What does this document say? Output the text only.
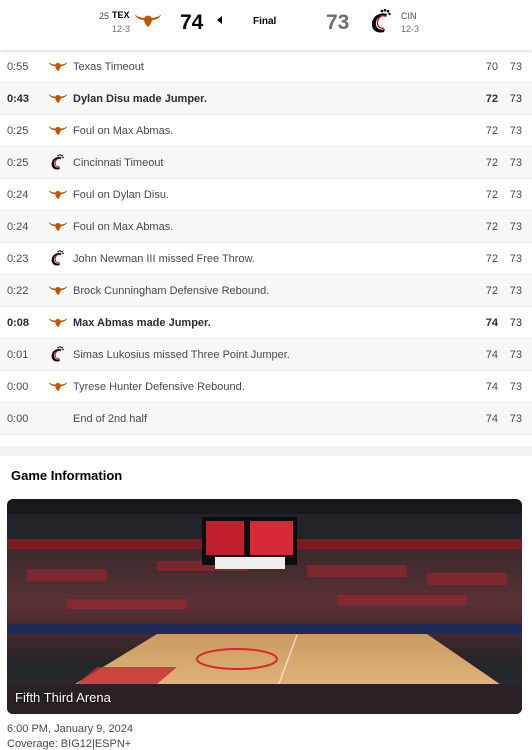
25 TEX
12-3 74	Final 73	CIN
12-3
0:55	Texas Timeout	70	73
0:43	Dylan Disu made Jumper.	72	73
0:25	Foul on Max Abmas.	72	73
0:25	Cincinnati Timeout	72	73
0:24	Foul on Dylan Disu.	72	73
0:24	Foul on Max Abmas.	72	73
0:23	John Newman III missed Free Throw.	72	73
0:22	Brock Cunningham Defensive Rebound.	72	73
0:08	Max Abmas made Jumper.	74	73
0:01	Simas Lukosius missed Three Point Jumper.	74	73
0:00	Tyrese Hunter Defensive Rebound.	74	73
0:00	End of 2nd half	74	73
Game Information
Fifth Third Arena
6:00 PM, January 9, 2024
Coverage: BIG12|ESPN+
